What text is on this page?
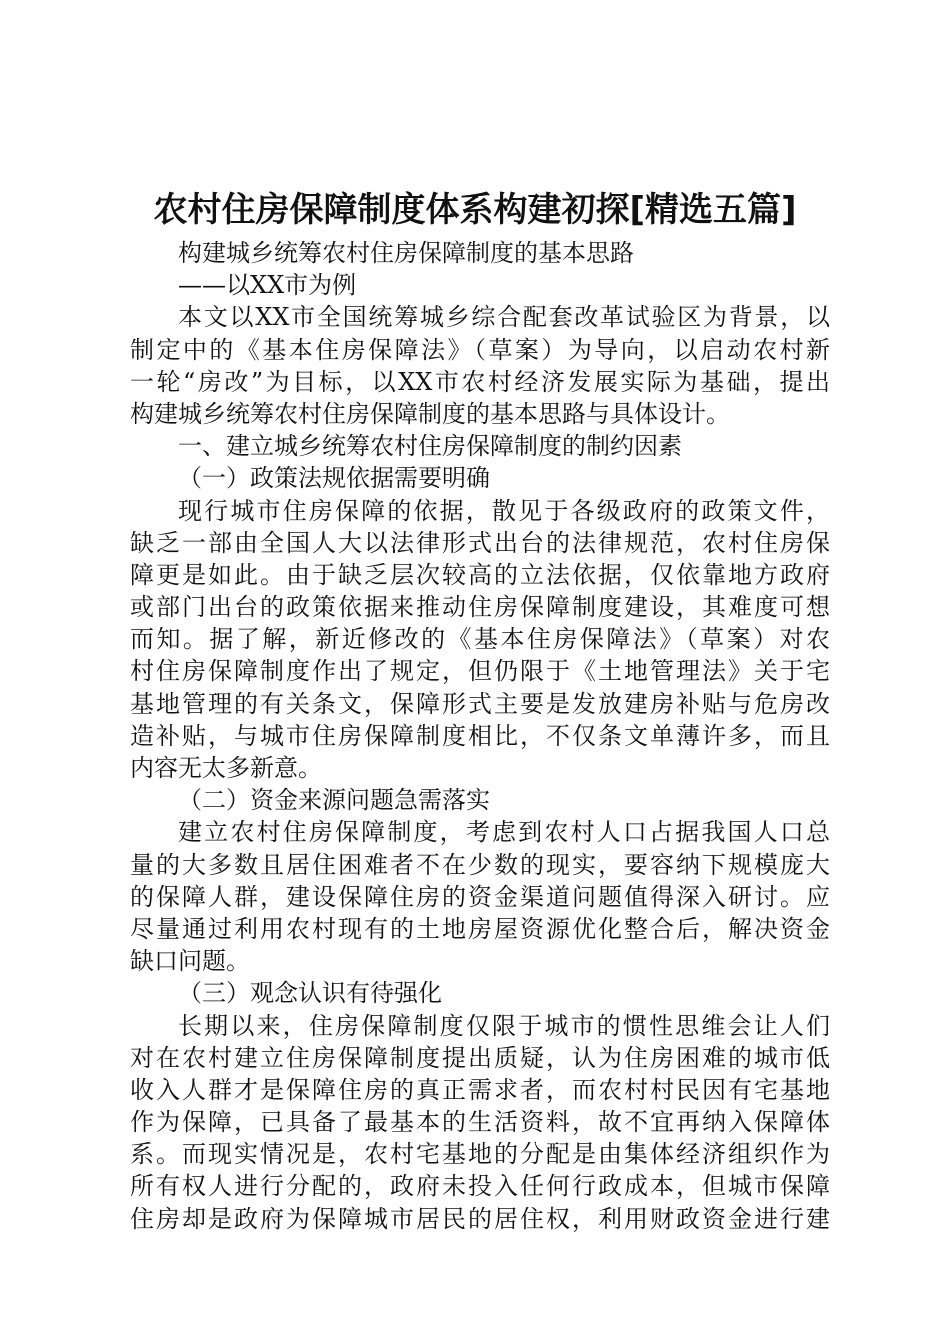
农村住房保障制度体系构建初探[精选五篇]
构建城乡统筹农村住房保障制度的基本思路
——以XX市为例
本文以XX市全国统筹城乡综合配套改革试验区为背景，以
制定中的《基本住房保障法》（草案）为导向，以启动农村新
一轮“房改”为目标，以XX市农村经济发展实际为基础，提出
构建城乡统筹农村住房保障制度的基本思路与具体设计。
一、建立城乡统筹农村住房保障制度的制约因素
（一）政策法规依据需要明确
现行城市住房保障的依据，散见于各级政府的政策文件，
缺乏一部由全国人大以法律形式出台的法律规范，农村住房保
障更是如此。由于缺乏层次较高的立法依据，仅依靠地方政府
或部门出台的政策依据来推动住房保障制度建设，其难度可想
而知。据了解，新近修改的《基本住房保障法》（草案）对农
村住房保障制度作出了规定，但仍限于《土地管理法》关于宅
基地管理的有关条文，保障形式主要是发放建房补贴与危房改
造补贴，与城市住房保障制度相比，不仅条文单薄许多，而且
内容无太多新意。
（二）资金来源问题急需落实
建立农村住房保障制度，考虑到农村人口占据我国人口总
量的大多数且居住困难者不在少数的现实，要容纳下规模庞大
的保障人群，建设保障住房的资金渠道问题值得深入研讨。应
尽量通过利用农村现有的土地房屋资源优化整合后，解决资金
缺口问题。
（三）观念认识有待强化
长期以来，住房保障制度仅限于城市的惯性思维会让人们
对在农村建立住房保障制度提出质疑，认为住房困难的城市低
收入人群才是保障住房的真正需求者，而农村村民因有宅基地
作为保障，已具备了最基本的生活资料，故不宜再纳入保障体
系。而现实情况是，农村宅基地的分配是由集体经济组织作为
所有权人进行分配的，政府未投入任何行政成本，但城市保障
住房却是政府为保障城市居民的居住权，利用财政资金进行建
